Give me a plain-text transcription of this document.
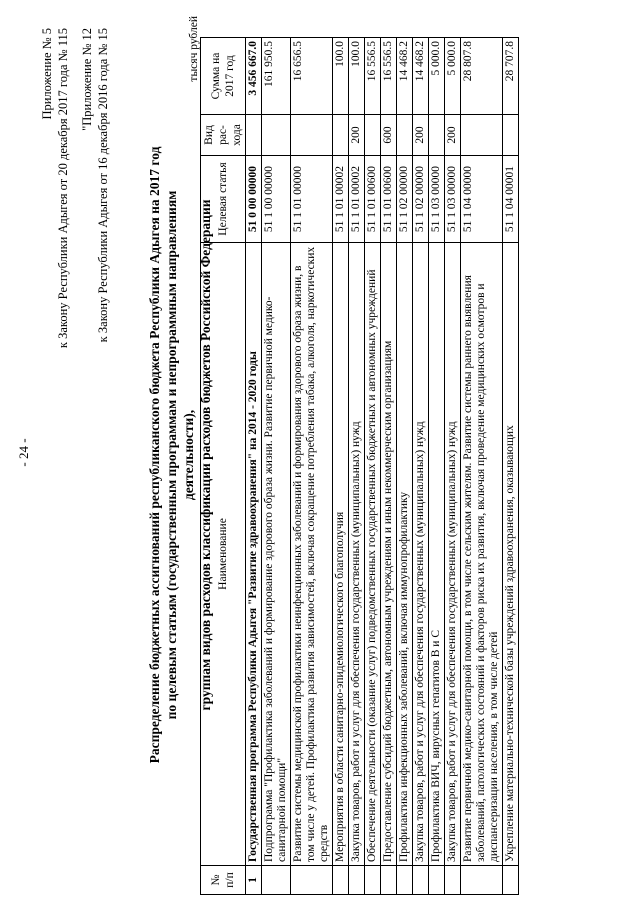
- 24 -
Приложение № 5 к Закону Республики Адыгея от 20 декабря 2017 года № 115 "Приложение № 12 к Закону Республики Адыгея от 16 декабря 2016 года № 15	Распределение бюджетных ассигнований республиканского бюджета Республики Адыгея на 2017 год по целевым статьям (государственным программам и непрограммным направлениям деятельности), группам видов расходов классификации расходов бюджетов Российской Федерации
тысяч рублей
№ п/п	Наименование	Целевая статья	Вид рас-хода	Сумма на 2017 год
1	Государственная программа Республики Адыгея "Развитие здравоохранения" на 2014 - 2020 годы	51 0 00 00000		3 456 667.0
	Подпрограмма "Профилактика заболеваний и формирование здорового образа жизни. Развитие первичной медико-санитарной помощи"	51 1 00 00000		161 950.5
	Развитие системы медицинской профилактики неинфекционных заболеваний и формирования здорового образа жизни, в том числе у детей. Профилактика развития зависимостей, включая сокращение потребления табака, алкоголя, наркотических средств	51 1 01 00000		16 656.5
	Мероприятия в области санитарно-эпидемиологического благополучия	51 1 01 00002		100.0
	Закупка товаров, работ и услуг для обеспечения государственных (муниципальных) нужд	51 1 01 00002	200	100.0
	Обеспечение деятельности (оказание услуг) подведомственных государственных бюджетных и автономных учреждений	51 1 01 00600		16 556.5
	Предоставление субсидий бюджетным, автономным учреждениям и иным некоммерческим организациям	51 1 01 00600	600	16 556.5
	Профилактика инфекционных заболеваний, включая иммунопрофилактику	51 1 02 00000		14 468.2
	Закупка товаров, работ и услуг для обеспечения государственных (муниципальных) нужд	51 1 02 00000	200	14 468.2
	Профилактика ВИЧ, вирусных гепатитов В и С	51 1 03 00000		5 000.0
	Закупка товаров, работ и услуг для обеспечения государственных (муниципальных) нужд	51 1 03 00000	200	5 000.0
	Развитие первичной медико-санитарной помощи, в том числе сельским жителям. Развитие системы раннего выявления заболеваний, патологических состояний и факторов риска их развития, включая проведение медицинских осмотров и диспансеризации населения, в том числе детей	51 1 04 00000		28 807.8
	Укрепление материально-технической базы учреждений здравоохранения, оказывающих	51 1 04 00001		28 707.8
